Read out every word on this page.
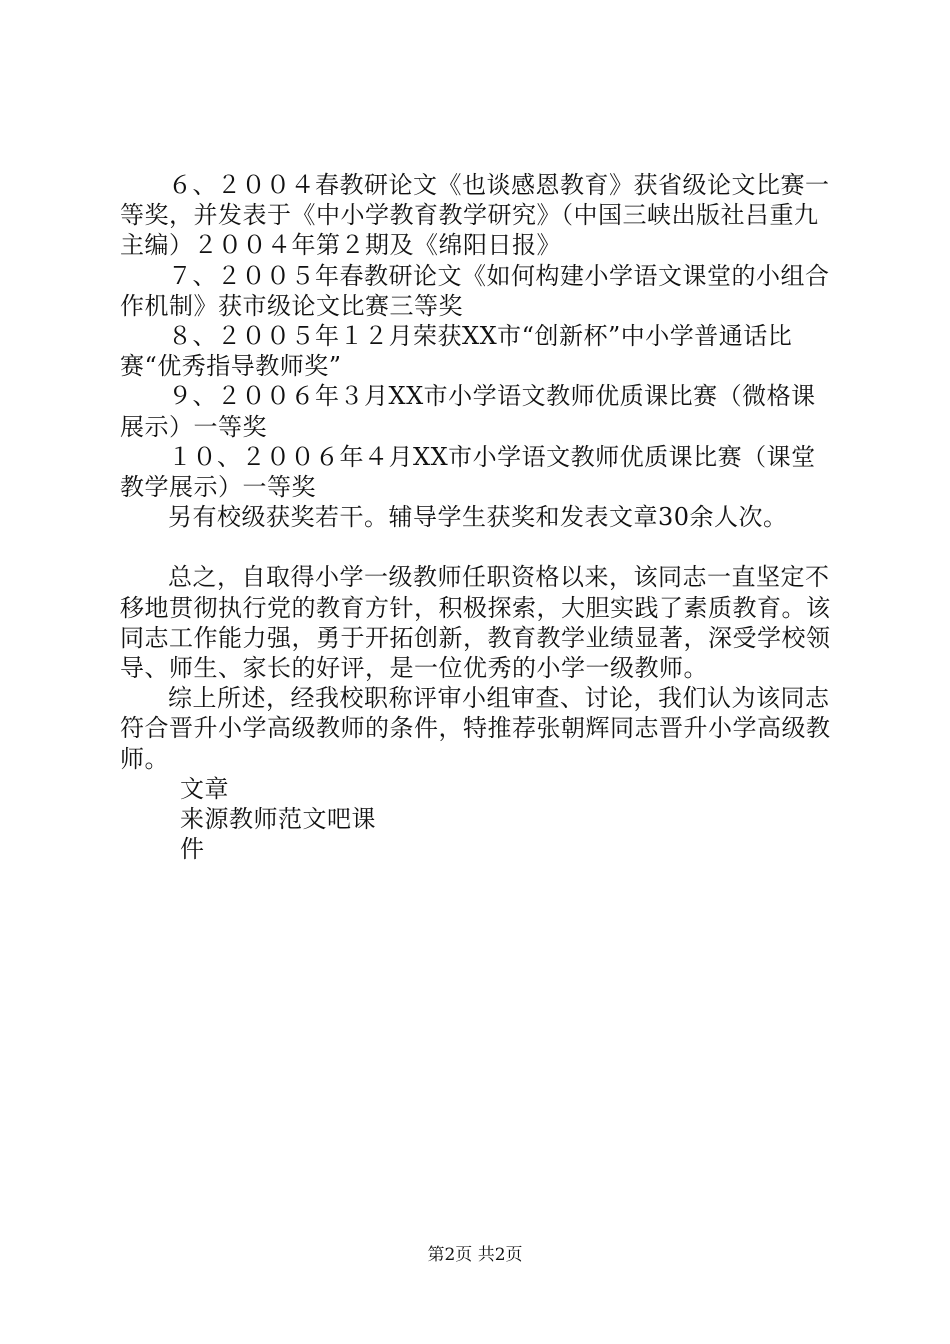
６、２００４春教研论文《也谈感恩教育》获省级论文比赛一等奖，并发表于《中小学教育教学研究》（中国三峡出版社吕重九主编）２００４年第２期及《绵阳日报》

７、２００５年春教研论文《如何构建小学语文课堂的小组合作机制》获市级论文比赛三等奖

８、２００５年１２月荣获XX市“创新杯”中小学普通话比赛“优秀指导教师奖”

９、２００６年３月XX市小学语文教师优质课比赛（微格课展示）一等奖

１０、２００６年４月XX市小学语文教师优质课比赛（课堂教学展示）一等奖

另有校级获奖若干。辅导学生获奖和发表文章30余人次。

总之，自取得小学一级教师任职资格以来，该同志一直坚定不移地贯彻执行党的教育方针，积极探索，大胆实践了素质教育。该同志工作能力强，勇于开拓创新，教育教学业绩显著，深受学校领导、师生、家长的好评，是一位优秀的小学一级教师。

综上所述，经我校职称评审小组审查、讨论，我们认为该同志符合晋升小学高级教师的条件，特推荐张朝辉同志晋升小学高级教师。

文章

来源教师范文吧课

件

第2页 共2页
